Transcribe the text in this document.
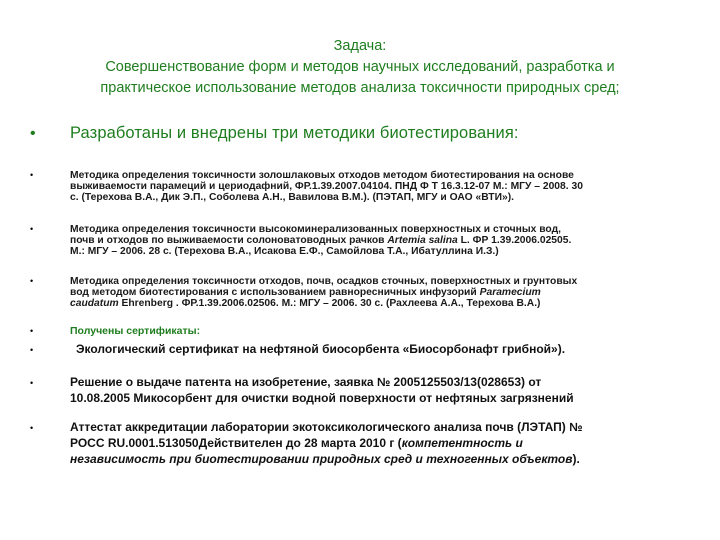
Задача:
Совершенствование форм и методов научных исследований, разработка и
практическое использование методов анализа токсичности природных сред;
• Разработаны и внедрены три методики биотестирования:
•	Методика определения токсичности золошлаковых отходов методом биотестирования на основе
выживаемости парамеций и цериодафний, ФР.1.39.2007.04104. ПНД Ф Т 16.3.12-07 М.: МГУ – 2008. 30
с. (Терехова В.А., Дик Э.П., Соболева А.Н., Вавилова В.М.). (ПЭТАП, МГУ и ОАО «ВТИ»).
•	Методика определения токсичности высокоминерализованных поверхностных и сточных вод,
почв и отходов по выживаемости солоноватоводных рачков Artemia salina L. ФР 1.39.2006.02505.
М.: МГУ – 2006. 28 с. (Терехова В.А., Исакова Е.Ф., Самойлова Т.А., Ибатуллина И.З.)
•	Методика определения токсичности отходов, почв, осадков сточных, поверхностных и грунтовых
вод методом биотестирования с использованием равноресничных инфузорий Paramecium
caudatum Ehrenberg . ФР.1.39.2006.02506. М.: МГУ – 2006. 30 с. (Рахлеева А.А., Терехова В.А.)
•	Получены сертификаты:
•	Экологический сертификат на нефтяной биосорбента «Биосорбонафт грибной»).
•	Решение о выдаче патента на изобретение, заявка № 2005125503/13(028653) от
10.08.2005 Микосорбент для очистки водной поверхности от нефтяных загрязнений
•	Аттестат аккредитации лаборатории экотоксикологического анализа почв (ЛЭТАП) №
РОСС RU.0001.513050Действителен до 28 марта 2010 г (компетентность и
независимость при биотестировании природных сред и техногенных объектов).
